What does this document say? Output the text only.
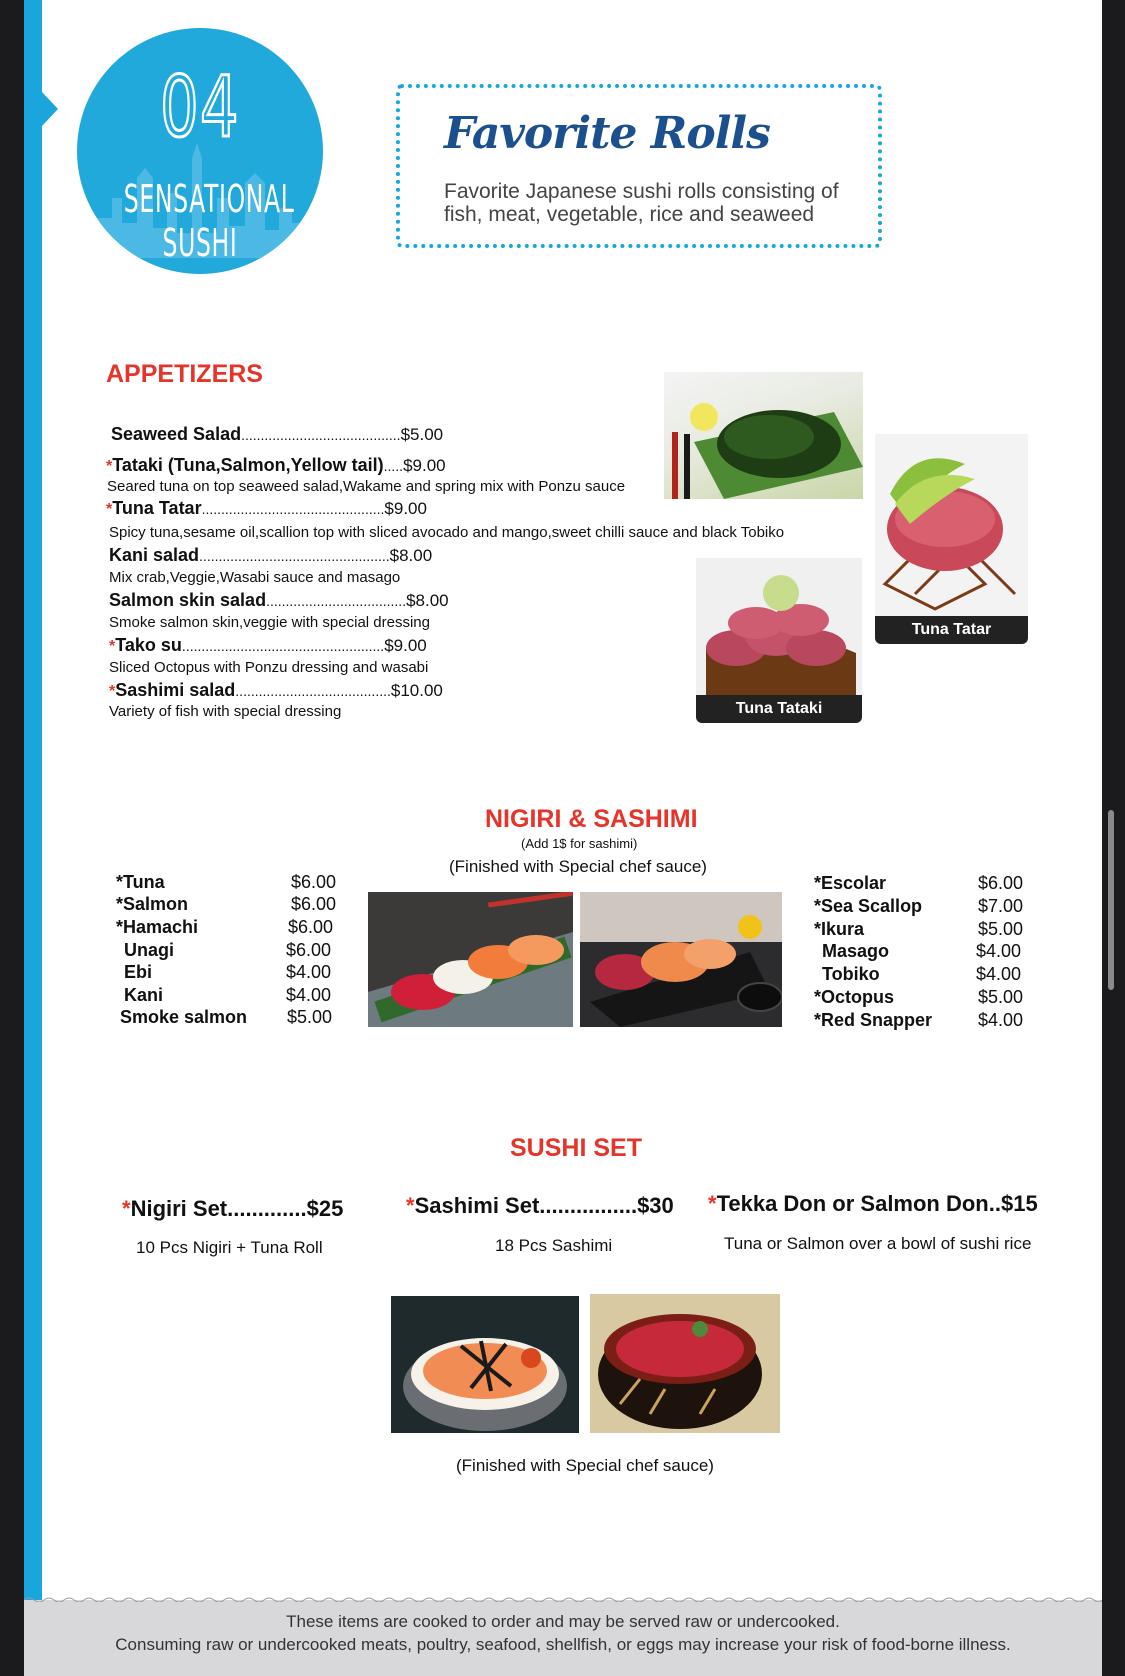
04
SENSATIONAL
SUSHI
Favorite Rolls
Favorite Japanese sushi rolls consisting of fish, meat, vegetable, rice and seaweed
APPETIZERS
Seaweed Salad.........................................$5.00
*Tataki (Tuna,Salmon,Yellow tail).....$9.00
Seared tuna on top seaweed salad,Wakame and spring mix with Ponzu sauce
*Tuna Tatar...............................................$9.00
Spicy tuna,sesame oil,scallion top with sliced avocado and mango,sweet chilli sauce and black Tobiko
Kani salad.................................................$8.00
Mix crab,Veggie,Wasabi sauce and masago
Salmon skin salad....................................$8.00
Smoke salmon skin,veggie with special dressing
*Tako su....................................................$9.00
Sliced Octopus with Ponzu dressing and wasabi
*Sashimi salad........................................$10.00
Variety of fish with special dressing
Tuna Tatar
Tuna Tataki
NIGIRI & SASHIMI
(Add 1$ for sashimi)
(Finished with Special chef sauce)
*Tuna	$6.00
*Salmon	$6.00
*Hamachi	$6.00
Unagi	$6.00
Ebi	$4.00
Kani	$4.00
Smoke salmon $5.00
*Escolar	$6.00
*Sea Scallop	$7.00
*Ikura	$5.00
Masago	$4.00
Tobiko	$4.00
*Octopus	$5.00
*Red Snapper	$4.00
SUSHI SET
*Nigiri Set.............$25
10 Pcs Nigiri + Tuna Roll
*Sashimi Set................$30
18 Pcs Sashimi
*Tekka Don or Salmon Don..$15
Tuna or Salmon over a bowl of sushi rice
(Finished with Special chef sauce)
These items are cooked to order and may be served raw or undercooked.
Consuming raw or undercooked meats, poultry, seafood, shellfish, or eggs may increase your risk of food-borne illness.
